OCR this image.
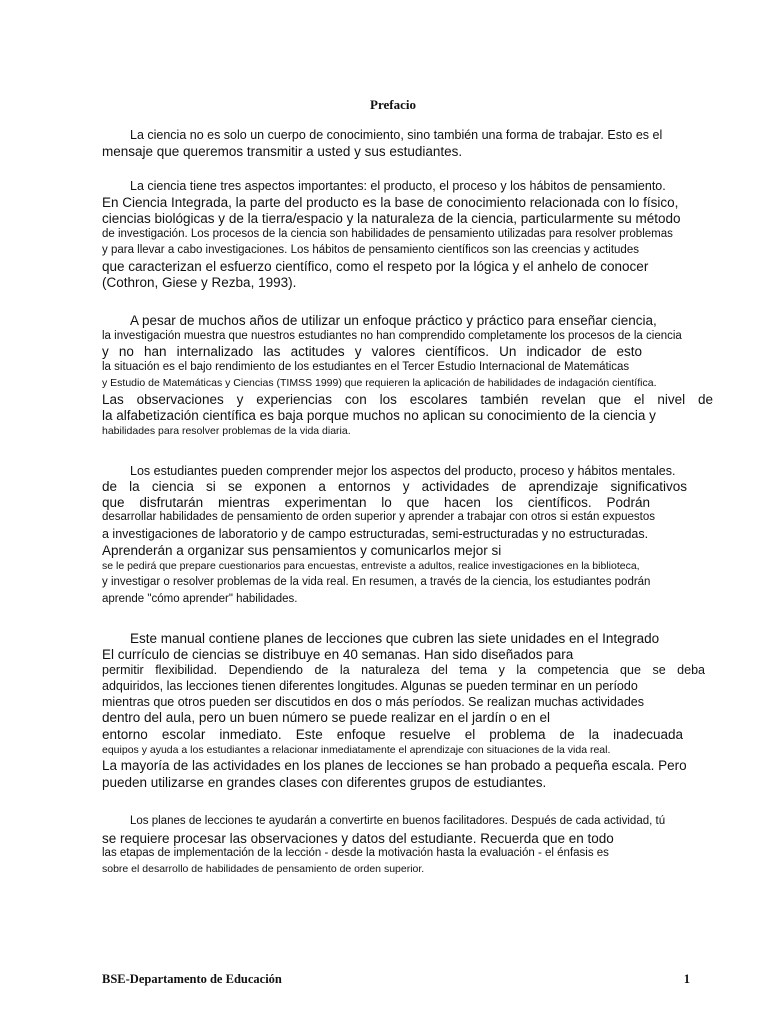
Prefacio
La ciencia no es solo un cuerpo de conocimiento, sino también una forma de trabajar. Esto es el
mensaje que queremos transmitir a usted y sus estudiantes.
La ciencia tiene tres aspectos importantes: el producto, el proceso y los hábitos de pensamiento.
En Ciencia Integrada, la parte del producto es la base de conocimiento relacionada con lo físico,
ciencias biológicas y de la tierra/espacio y la naturaleza de la ciencia, particularmente su método
de investigación. Los procesos de la ciencia son habilidades de pensamiento utilizadas para resolver problemas
y para llevar a cabo investigaciones. Los hábitos de pensamiento científicos son las creencias y actitudes
que caracterizan el esfuerzo científico, como el respeto por la lógica y el anhelo de conocer
(Cothron, Giese y Rezba, 1993).
A pesar de muchos años de utilizar un enfoque práctico y práctico para enseñar ciencia,
la investigación muestra que nuestros estudiantes no han comprendido completamente los procesos de la ciencia
y no han internalizado las actitudes y valores científicos. Un indicador de esto
la situación es el bajo rendimiento de los estudiantes en el Tercer Estudio Internacional de Matemáticas
y Estudio de Matemáticas y Ciencias (TIMSS 1999) que requieren la aplicación de habilidades de indagación científica.
Las observaciones y experiencias con los escolares también revelan que el nivel de
la alfabetización científica es baja porque muchos no aplican su conocimiento de la ciencia y
habilidades para resolver problemas de la vida diaria.
Los estudiantes pueden comprender mejor los aspectos del producto, proceso y hábitos mentales.
de la ciencia si se exponen a entornos y actividades de aprendizaje significativos
que disfrutarán mientras experimentan lo que hacen los científicos. Podrán
desarrollar habilidades de pensamiento de orden superior y aprender a trabajar con otros si están expuestos
a investigaciones de laboratorio y de campo estructuradas, semi-estructuradas y no estructuradas.
Aprenderán a organizar sus pensamientos y comunicarlos mejor si
se le pedirá que prepare cuestionarios para encuestas, entreviste a adultos, realice investigaciones en la biblioteca,
y investigar o resolver problemas de la vida real. En resumen, a través de la ciencia, los estudiantes podrán
aprende "cómo aprender" habilidades.
Este manual contiene planes de lecciones que cubren las siete unidades en el Integrado
El currículo de ciencias se distribuye en 40 semanas. Han sido diseñados para
permitir flexibilidad. Dependiendo de la naturaleza del tema y la competencia que se deba
adquiridos, las lecciones tienen diferentes longitudes. Algunas se pueden terminar en un período
mientras que otros pueden ser discutidos en dos o más períodos. Se realizan muchas actividades
dentro del aula, pero un buen número se puede realizar en el jardín o en el
entorno escolar inmediato. Este enfoque resuelve el problema de la inadecuada
equipos y ayuda a los estudiantes a relacionar inmediatamente el aprendizaje con situaciones de la vida real.
La mayoría de las actividades en los planes de lecciones se han probado a pequeña escala. Pero
pueden utilizarse en grandes clases con diferentes grupos de estudiantes.
Los planes de lecciones te ayudarán a convertirte en buenos facilitadores. Después de cada actividad, tú
se requiere procesar las observaciones y datos del estudiante. Recuerda que en todo
las etapas de implementación de la lección - desde la motivación hasta la evaluación - el énfasis es
sobre el desarrollo de habilidades de pensamiento de orden superior.
BSE-Departamento de Educación	1
